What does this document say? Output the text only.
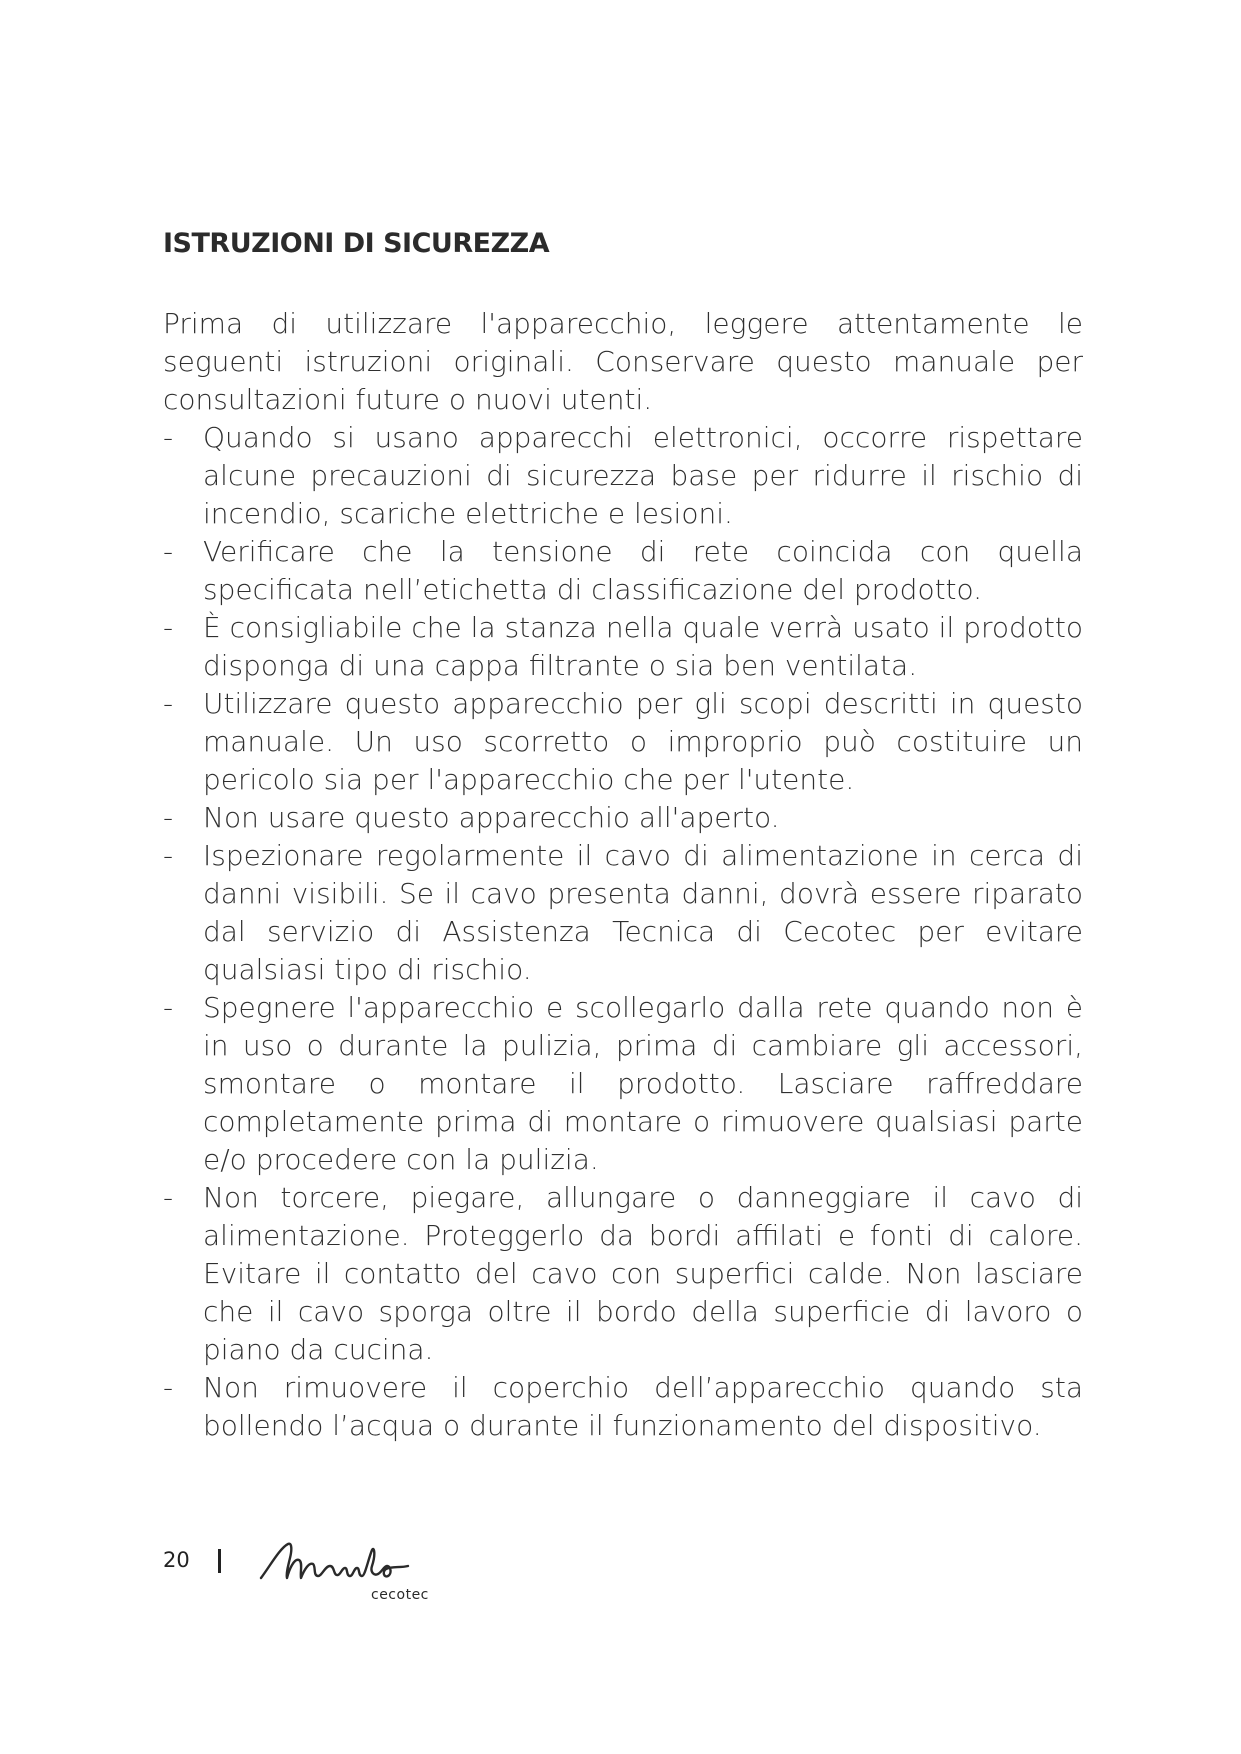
ISTRUZIONI DI SICUREZZA

Prima di utilizzare l'apparecchio, leggere attentamente le seguenti istruzioni originali. Conservare questo manuale per consultazioni future o nuovi utenti.

- Quando si usano apparecchi elettronici, occorre rispettare alcune precauzioni di sicurezza base per ridurre il rischio di incendio, scariche elettriche e lesioni.
- Verificare che la tensione di rete coincida con quella specificata nell’etichetta di classificazione del prodotto.
- È consigliabile che la stanza nella quale verrà usato il prodotto disponga di una cappa filtrante o sia ben ventilata.
- Utilizzare questo apparecchio per gli scopi descritti in questo manuale. Un uso scorretto o improprio può costituire un pericolo sia per l'apparecchio che per l'utente.
- Non usare questo apparecchio all'aperto.
- Ispezionare regolarmente il cavo di alimentazione in cerca di danni visibili. Se il cavo presenta danni, dovrà essere riparato dal servizio di Assistenza Tecnica di Cecotec per evitare qualsiasi tipo di rischio.
- Spegnere l'apparecchio e scollegarlo dalla rete quando non è in uso o durante la pulizia, prima di cambiare gli accessori, smontare o montare il prodotto. Lasciare raffreddare completamente prima di montare o rimuovere qualsiasi parte e/o procedere con la pulizia.
- Non torcere, piegare, allungare o danneggiare il cavo di alimentazione. Proteggerlo da bordi affilati e fonti di calore. Evitare il contatto del cavo con superfici calde. Non lasciare che il cavo sporga oltre il bordo della superficie di lavoro o piano da cucina.
- Non rimuovere il coperchio dell’apparecchio quando sta bollendo l’acqua o durante il funzionamento del dispositivo.
20
cecotec
